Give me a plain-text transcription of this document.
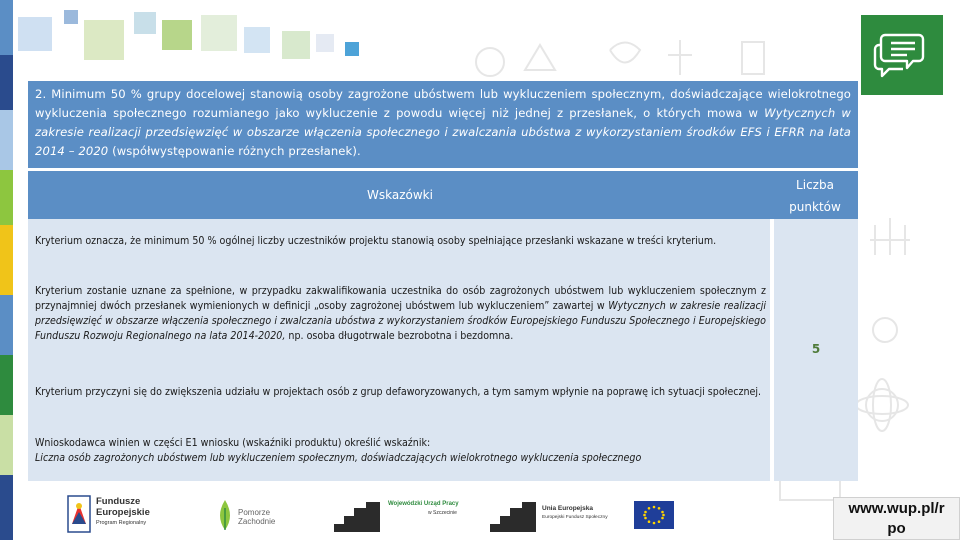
2. Minimum 50 % grupy docelowej stanowią osoby zagrożone ubóstwem lub wykluczeniem społecznym, doświadczające wielokrotnego wykluczenia społecznego rozumianego jako wykluczenie z powodu więcej niż jednej z przesłanek, o których mowa w Wytycznych w zakresie realizacji przedsięwzięć w obszarze włączenia społecznego i zwalczania ubóstwa z wykorzystaniem środków EFS i EFRR na lata 2014 – 2020 (współwystępowanie różnych przesłanek).
Wskazówki
Liczba
punktów

Kryterium oznacza, że minimum 50 % ogólnej liczby uczestników projektu stanowią osoby spełniające przesłanki wskazane w treści kryterium.

Kryterium zostanie uznane za spełnione, w przypadku zakwalifikowania uczestnika do osób zagrożonych ubóstwem lub wykluczeniem społecznym z przynajmniej dwóch przesłanek wymienionych w definicji „osoby zagrożonej ubóstwem lub wykluczeniem” zawartej w Wytycznych w zakresie realizacji przedsięwzięć w obszarze włączenia społecznego i zwalczania ubóstwa z wykorzystaniem środków Europejskiego Funduszu Społecznego i Europejskiego Funduszu Rozwoju Regionalnego na lata 2014-2020, np. osoba długotrwale bezrobotna i bezdomna.

Kryterium przyczyni się do zwiększenia udziału w projektach osób z grup defaworyzowanych, a tym samym wpłynie na poprawę ich sytuacji społecznej.

Wnioskodawca winien w części E1 wniosku (wskaźniki produktu) określić wskaźnik:
Liczna osób zagrożonych ubóstwem lub wykluczeniem społecznym, doświadczających wielokrotnego wykluczenia społecznego
5
Fundusze
Europejskie
Program Regionalny
Pomorze
Zachodnie
Wojewódzki Urząd Pracy
w Szczecinie
Unia Europejska
Europejski Fundusz Społeczny
www.wup.pl/r
po
